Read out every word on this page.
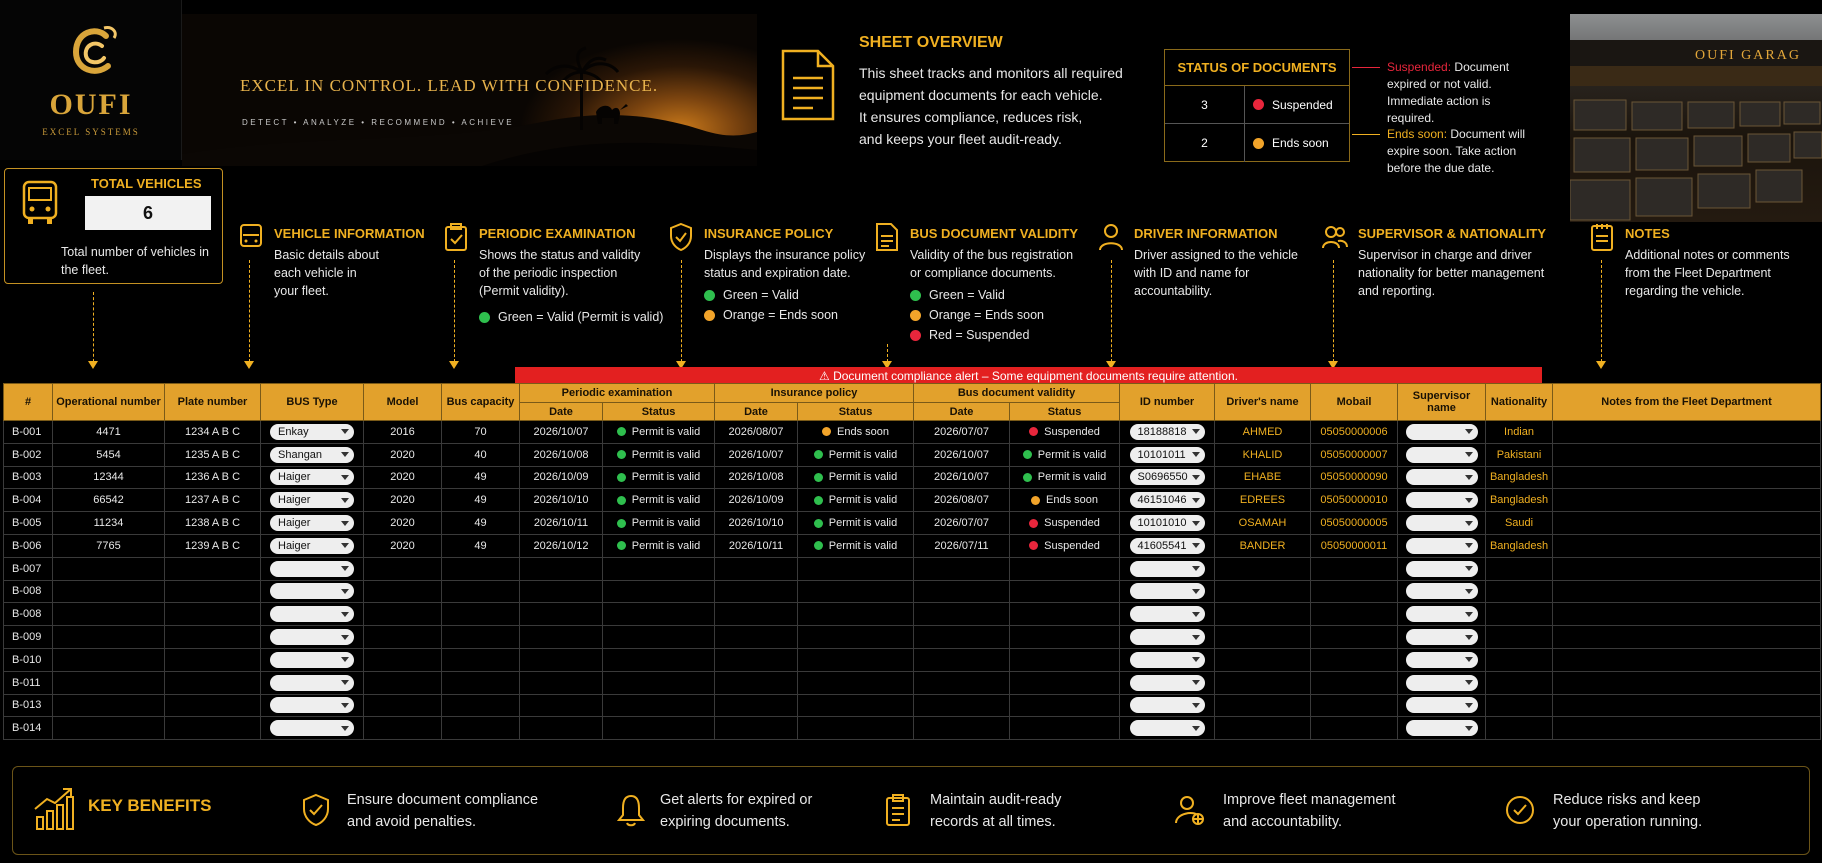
OUFI
EXCEL SYSTEMS
EXCEL IN CONTROL. LEAD WITH CONFIDENCE.
DETECT • ANALYZE • RECOMMEND • ACHIEVE
SHEET OVERVIEW
This sheet tracks and monitors all required
equipment documents for each vehicle.
It ensures compliance, reduces risk,
and keeps your fleet audit-ready.
STATUS OF DOCUMENTS
3	Suspended
2	Ends soon
Suspended: Document expired or not valid. Immediate action is required.
Ends soon: Document will expire soon. Take action before the due date.
OUFI GARAG
TOTAL VEHICLES
6
Total number of vehicles in the fleet.
VEHICLE INFORMATION
Basic details about each vehicle in your fleet.
PERIODIC EXAMINATION
Shows the status and validity of the periodic inspection (Permit validity).
Green = Valid (Permit is valid)
INSURANCE POLICY
Displays the insurance policy status and expiration date.
Green = Valid
Orange = Ends soon
BUS DOCUMENT VALIDITY
Validity of the bus registration or compliance documents.
Green = Valid
Orange = Ends soon
Red = Suspended
DRIVER INFORMATION
Driver assigned to the vehicle with ID and name for accountability.
SUPERVISOR & NATIONALITY
Supervisor in charge and driver nationality for better management and reporting.
NOTES
Additional notes or comments from the Fleet Department regarding the vehicle.
⚠ Document compliance alert – Some equipment documents require attention.
#	Operational number	Plate number	BUS Type	Model	Bus capacity	Periodic examination		Insurance policy		Bus document validity		ID number	Driver's name	Mobail	Supervisor name	Nationality	Notes from the Fleet Department
						Date	Status	Date	Status	Date	Status						
B-001	4471	1234 A B C	Enkay	2016	70	2026/10/07	Permit is valid	2026/08/07	Ends soon	2026/07/07	Suspended	18188818	AHMED	05050000006		Indian	
B-002	5454	1235 A B C	Shangan	2020	40	2026/10/08	Permit is valid	2026/10/07	Permit is valid	2026/10/07	Permit is valid	10101011	KHALID	05050000007		Pakistani	
B-003	12344	1236 A B C	Haiger	2020	49	2026/10/09	Permit is valid	2026/10/08	Permit is valid	2026/10/07	Permit is valid	S0696550	EHABE	05050000090		Bangladesh	
B-004	66542	1237 A B C	Haiger	2020	49	2026/10/10	Permit is valid	2026/10/09	Permit is valid	2026/08/07	Ends soon	46151046	EDREES	05050000010		Bangladesh	
B-005	11234	1238 A B C	Haiger	2020	49	2026/10/11	Permit is valid	2026/10/10	Permit is valid	2026/07/07	Suspended	10101010	OSAMAH	05050000005		Saudi	
B-006	7765	1239 A B C	Haiger	2020	49	2026/10/12	Permit is valid	2026/10/11	Permit is valid	2026/07/11	Suspended	41605541	BANDER	05050000011		Bangladesh	
B-007			

B-008			

B-008			

B-009			

B-010			

B-011			

B-013			

B-014			

KEY BENEFITS	Ensure document compliance
and avoid penalties.
Get alerts for expired or
expiring documents.
Maintain audit-ready
records at all times.
Improve fleet management
and accountability.
Reduce risks and keep
your operation running.
